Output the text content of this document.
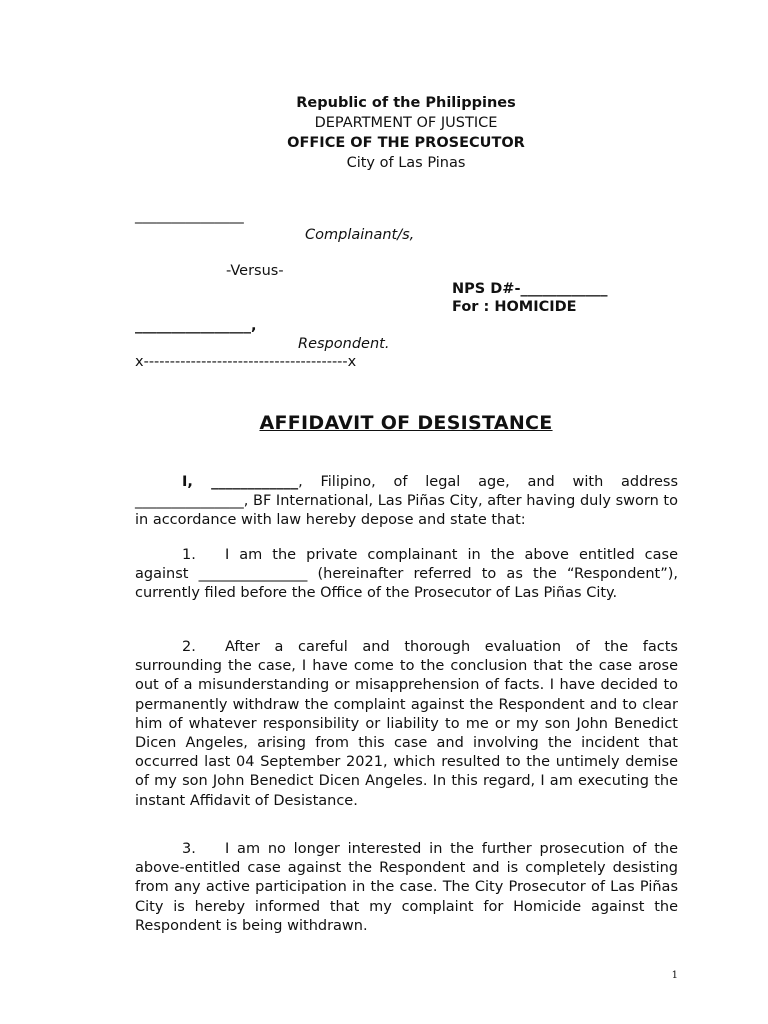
Republic of the Philippines
DEPARTMENT OF JUSTICE
OFFICE OF THE PROSECUTOR
City of Las Pinas
_______________
Complainant/s,
-Versus-
NPS D#-____________
For : HOMICIDE
________________,
Respondent.
x---------------------------------------x
AFFIDAVIT OF DESISTANCE

I, ____________, Filipino, of legal age, and with address _______________, BF International, Las Piñas City, after having duly sworn to in accordance with law hereby depose and state that:

1. I am the private complainant in the above entitled case against _______________ (hereinafter referred to as the “Respondent”), currently filed before the Office of the Prosecutor of Las Piñas City.

2. After a careful and thorough evaluation of the facts surrounding the case, I have come to the conclusion that the case arose out of a misunderstanding or misapprehension of facts. I have decided to permanently withdraw the complaint against the Respondent and to clear him of whatever responsibility or liability to me or my son John Benedict Dicen Angeles, arising from this case and involving the incident that occurred last 04 September 2021, which resulted to the untimely demise of my son John Benedict Dicen Angeles. In this regard, I am executing the instant Affidavit of Desistance.

3. I am no longer interested in the further prosecution of the above-entitled case against the Respondent and is completely desisting from any active participation in the case. The City Prosecutor of Las Piñas City is hereby informed that my complaint for Homicide against the Respondent is being withdrawn.

1
